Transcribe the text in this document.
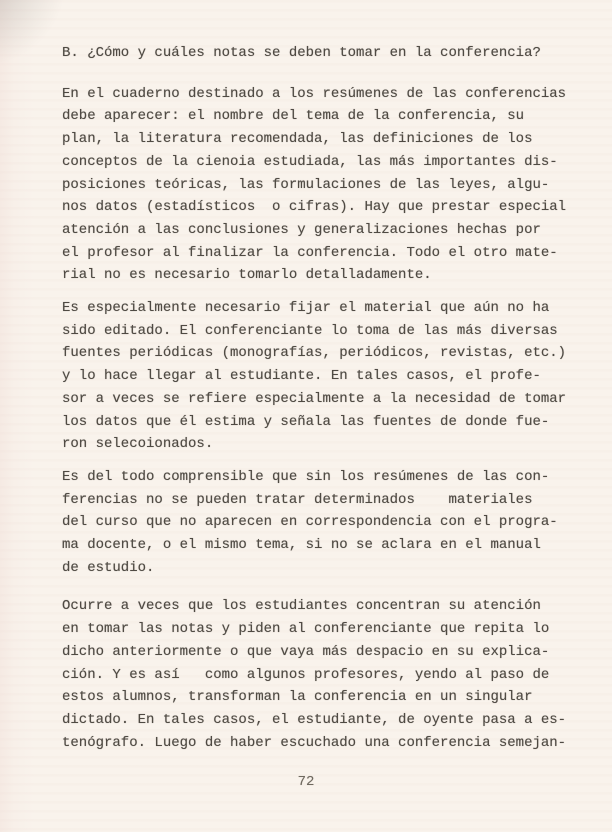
B. ¿Cómo y cuáles notas se deben tomar en la conferencia?
En el cuaderno destinado a los resúmenes de las conferencias
debe aparecer: el nombre del tema de la conferencia, su
plan, la literatura recomendada, las definiciones de los
conceptos de la cienoia estudiada, las más importantes dis-
posiciones teóricas, las formulaciones de las leyes, algu-
nos datos (estadísticos  o cifras). Hay que prestar especial
atención a las conclusiones y generalizaciones hechas por
el profesor al finalizar la conferencia. Todo el otro mate-
rial no es necesario tomarlo detalladamente.
Es especialmente necesario fijar el material que aún no ha
sido editado. El conferenciante lo toma de las más diversas
fuentes periódicas (monografías, periódicos, revistas, etc.)
y lo hace llegar al estudiante. En tales casos, el profe-
sor a veces se refiere especialmente a la necesidad de tomar
los datos que él estima y señala las fuentes de donde fue-
ron selecoionados.
Es del todo comprensible que sin los resúmenes de las con-
ferencias no se pueden tratar determinados    materiales
del curso que no aparecen en correspondencia con el progra-
ma docente, o el mismo tema, si no se aclara en el manual
de estudio.
Ocurre a veces que los estudiantes concentran su atención
en tomar las notas y piden al conferenciante que repita lo
dicho anteriormente o que vaya más despacio en su explica-
ción. Y es así   como algunos profesores, yendo al paso de
estos alumnos, transforman la conferencia en un singular
dictado. En tales casos, el estudiante, de oyente pasa a es-
tenógrafo. Luego de haber escuchado una conferencia semejan-
72
